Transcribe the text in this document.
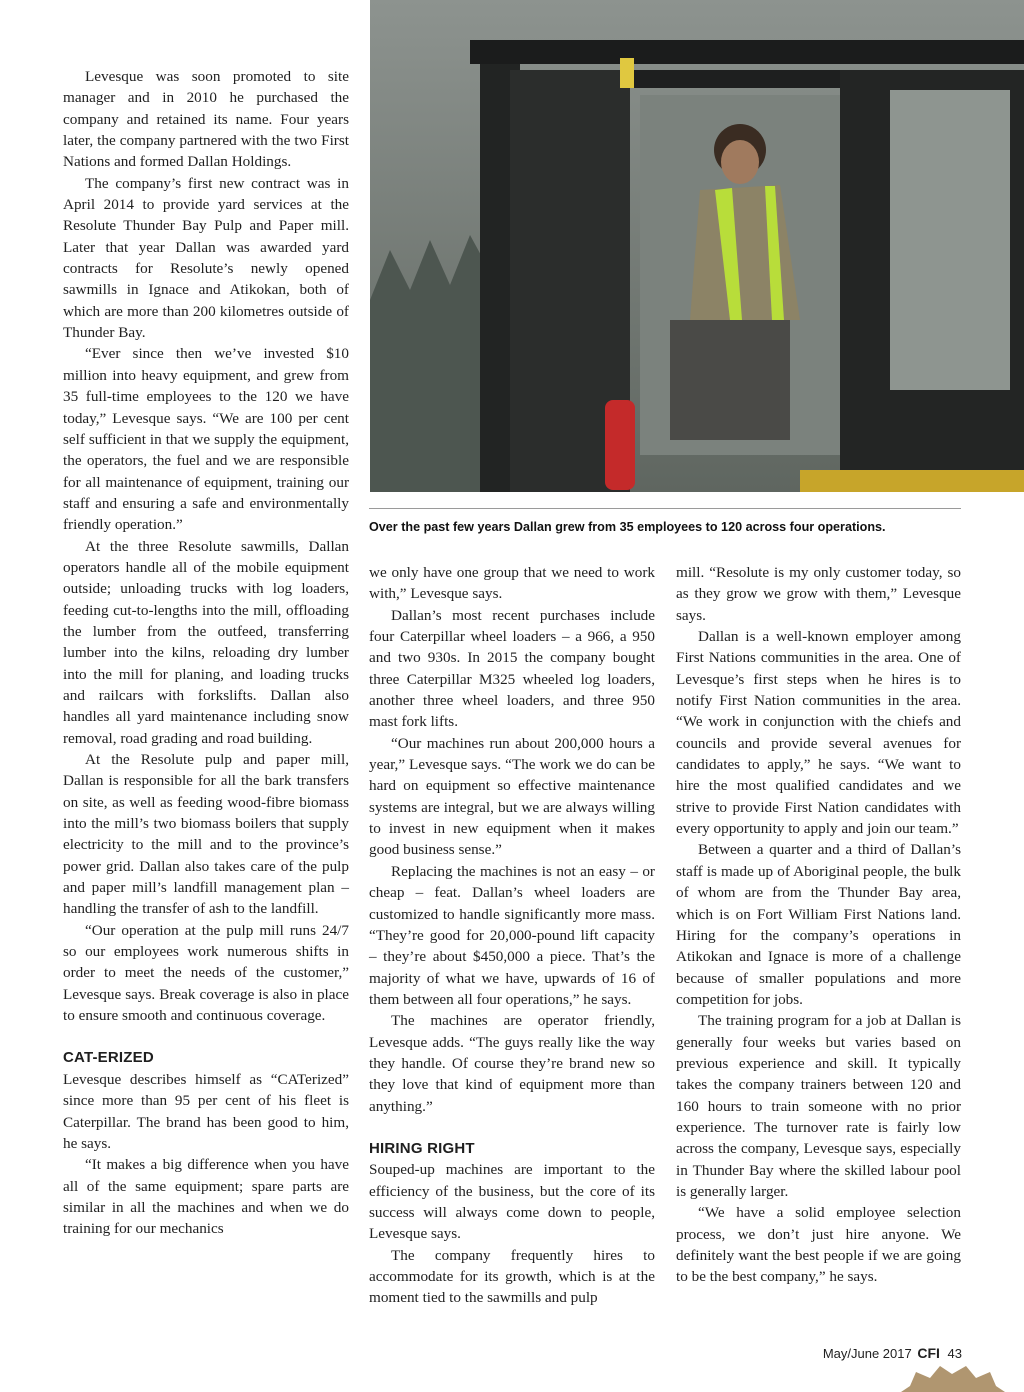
Over the past few years Dallan grew from 35 employees to 120 across four operations.

Levesque was soon promoted to site manager and in 2010 he purchased the company and retained its name. Four years later, the company partnered with the two First Nations and formed Dallan Holdings.

The company’s first new contract was in April 2014 to provide yard services at the Resolute Thunder Bay Pulp and Paper mill. Later that year Dallan was awarded yard contracts for Resolute’s newly opened sawmills in Ignace and Atikokan, both of which are more than 200 kilometres outside of Thunder Bay.

“Ever since then we’ve invested $10 million into heavy equipment, and grew from 35 full-time employees to the 120 we have today,” Levesque says. “We are 100 per cent self sufficient in that we supply the equipment, the operators, the fuel and we are responsible for all maintenance of equipment, training our staff and ensuring a safe and environmentally friendly operation.”

At the three Resolute sawmills, Dallan operators handle all of the mobile equipment outside; unloading trucks with log loaders, feeding cut-to-lengths into the mill, offloading the lumber from the outfeed, transferring lumber into the kilns, reloading dry lumber into the mill for planing, and loading trucks and railcars with forkslifts. Dallan also handles all yard maintenance including snow removal, road grading and road building.

At the Resolute pulp and paper mill, Dallan is responsible for all the bark transfers on site, as well as feeding wood-fibre biomass into the mill’s two biomass boilers that supply electricity to the mill and to the province’s power grid. Dallan also takes care of the pulp and paper mill’s landfill management plan – handling the transfer of ash to the landfill.

“Our operation at the pulp mill runs 24/7 so our employees work numerous shifts in order to meet the needs of the customer,” Levesque says. Break coverage is also in place to ensure smooth and continuous coverage.

CAT-ERIZED

Levesque describes himself as “CATerized” since more than 95 per cent of his fleet is Caterpillar. The brand has been good to him, he says.

“It makes a big difference when you have all of the same equipment; spare parts are similar in all the machines and when we do training for our mechanics

we only have one group that we need to work with,” Levesque says.

Dallan’s most recent purchases include four Caterpillar wheel loaders – a 966, a 950 and two 930s. In 2015 the company bought three Caterpillar M325 wheeled log loaders, another three wheel loaders, and three 950 mast fork lifts.

“Our machines run about 200,000 hours a year,” Levesque says. “The work we do can be hard on equipment so effective maintenance systems are integral, but we are always willing to invest in new equipment when it makes good business sense.”

Replacing the machines is not an easy – or cheap – feat. Dallan’s wheel loaders are customized to handle significantly more mass. “They’re good for 20,000-pound lift capacity – they’re about $450,000 a piece. That’s the majority of what we have, upwards of 16 of them between all four operations,” he says.

The machines are operator friendly, Levesque adds. “The guys really like the way they handle. Of course they’re brand new so they love that kind of equipment more than anything.”

HIRING RIGHT

Souped-up machines are important to the efficiency of the business, but the core of its success will always come down to people, Levesque says.

The company frequently hires to accommodate for its growth, which is at the moment tied to the sawmills and pulp

mill. “Resolute is my only customer today, so as they grow we grow with them,” Levesque says.

Dallan is a well-known employer among First Nations communities in the area. One of Levesque’s first steps when he hires is to notify First Nation communities in the area. “We work in conjunction with the chiefs and councils and provide several avenues for candidates to apply,” he says. “We want to hire the most qualified candidates and we strive to provide First Nation candidates with every opportunity to apply and join our team.”

Between a quarter and a third of Dallan’s staff is made up of Aboriginal people, the bulk of whom are from the Thunder Bay area, which is on Fort William First Nations land. Hiring for the company’s operations in Atikokan and Ignace is more of a challenge because of smaller populations and more competition for jobs.

The training program for a job at Dallan is generally four weeks but varies based on previous experience and skill. It typically takes the company trainers between 120 and 160 hours to train someone with no prior experience. The turnover rate is fairly low across the company, Levesque says, especially in Thunder Bay where the skilled labour pool is generally larger.

“We have a solid employee selection process, we don’t just hire anyone. We definitely want the best people if we are going to be the best company,” he says.

May/June 2017 CFI 43
